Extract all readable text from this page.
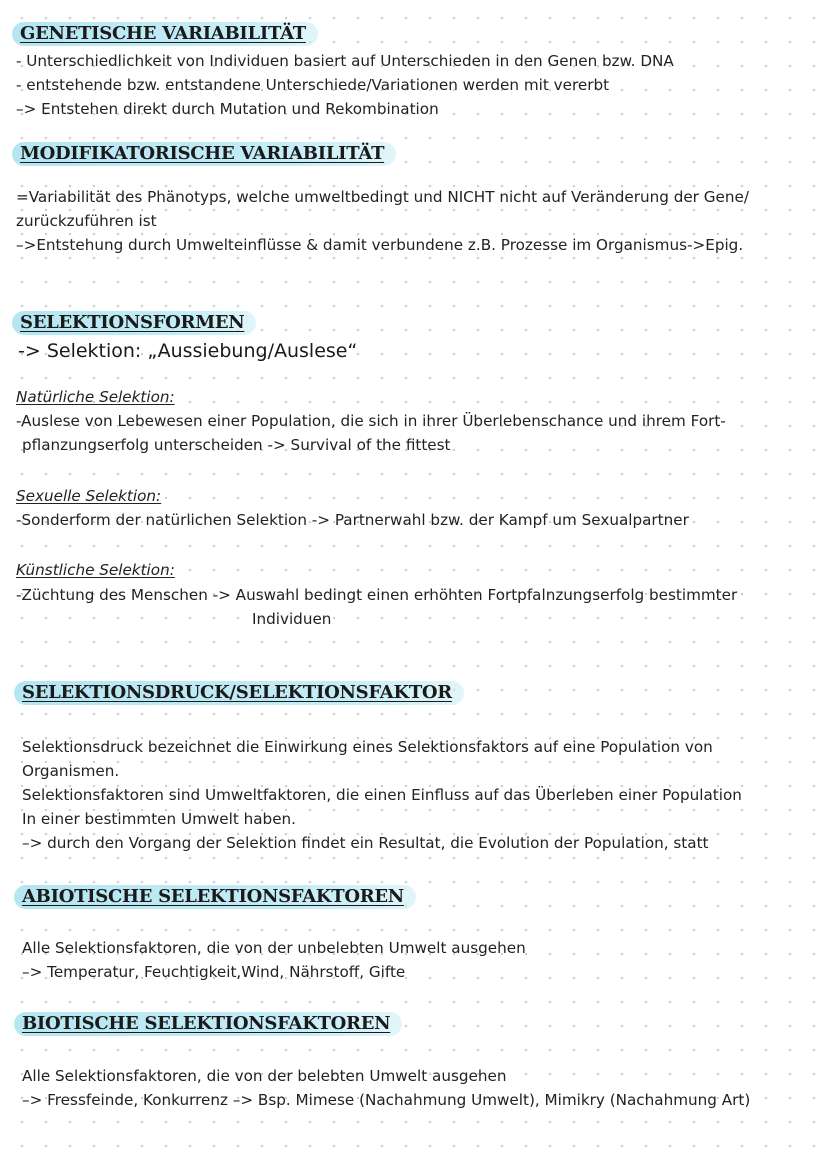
GENETISCHE VARIABILITÄT
- Unterschiedlichkeit von Individuen basiert auf Unterschieden in den Genen bzw. DNA
- entstehende bzw. entstandene Unterschiede/Variationen werden mit vererbt
–> Entstehen direkt durch Mutation und Rekombination
MODIFIKATORISCHE VARIABILITÄT
=Variabilität des Phänotyps, welche umweltbedingt und NICHT nicht auf Veränderung der Gene/
zurückzuführen ist
–>Entstehung durch Umwelteinflüsse & damit verbundene z.B. Prozesse im Organismus->Epig.
SELEKTIONSFORMEN
-> Selektion: „Aussiebung/Auslese“
Natürliche Selektion:
-Auslese von Lebewesen einer Population, die sich in ihrer Überlebenschance und ihrem Fort-
pflanzungserfolg unterscheiden -> Survival of the fittest
Sexuelle Selektion:
-Sonderform der natürlichen Selektion -> Partnerwahl bzw. der Kampf um Sexualpartner
Künstliche Selektion:
-Züchtung des Menschen -> Auswahl bedingt einen erhöhten Fortpfalnzungserfolg bestimmter
Individuen
SELEKTIONSDRUCK/SELEKTIONSFAKTOR
Selektionsdruck bezeichnet die Einwirkung eines Selektionsfaktors auf eine Population von
Organismen.
Selektionsfaktoren sind Umweltfaktoren, die einen Einfluss auf das Überleben einer Population
In einer bestimmten Umwelt haben.
–> durch den Vorgang der Selektion findet ein Resultat, die Evolution der Population, statt
ABIOTISCHE SELEKTIONSFAKTOREN
Alle Selektionsfaktoren, die von der unbelebten Umwelt ausgehen
–> Temperatur, Feuchtigkeit,Wind, Nährstoff, Gifte
BIOTISCHE SELEKTIONSFAKTOREN
Alle Selektionsfaktoren, die von der belebten Umwelt ausgehen
–> Fressfeinde, Konkurrenz –> Bsp. Mimese (Nachahmung Umwelt), Mimikry (Nachahmung Art)
